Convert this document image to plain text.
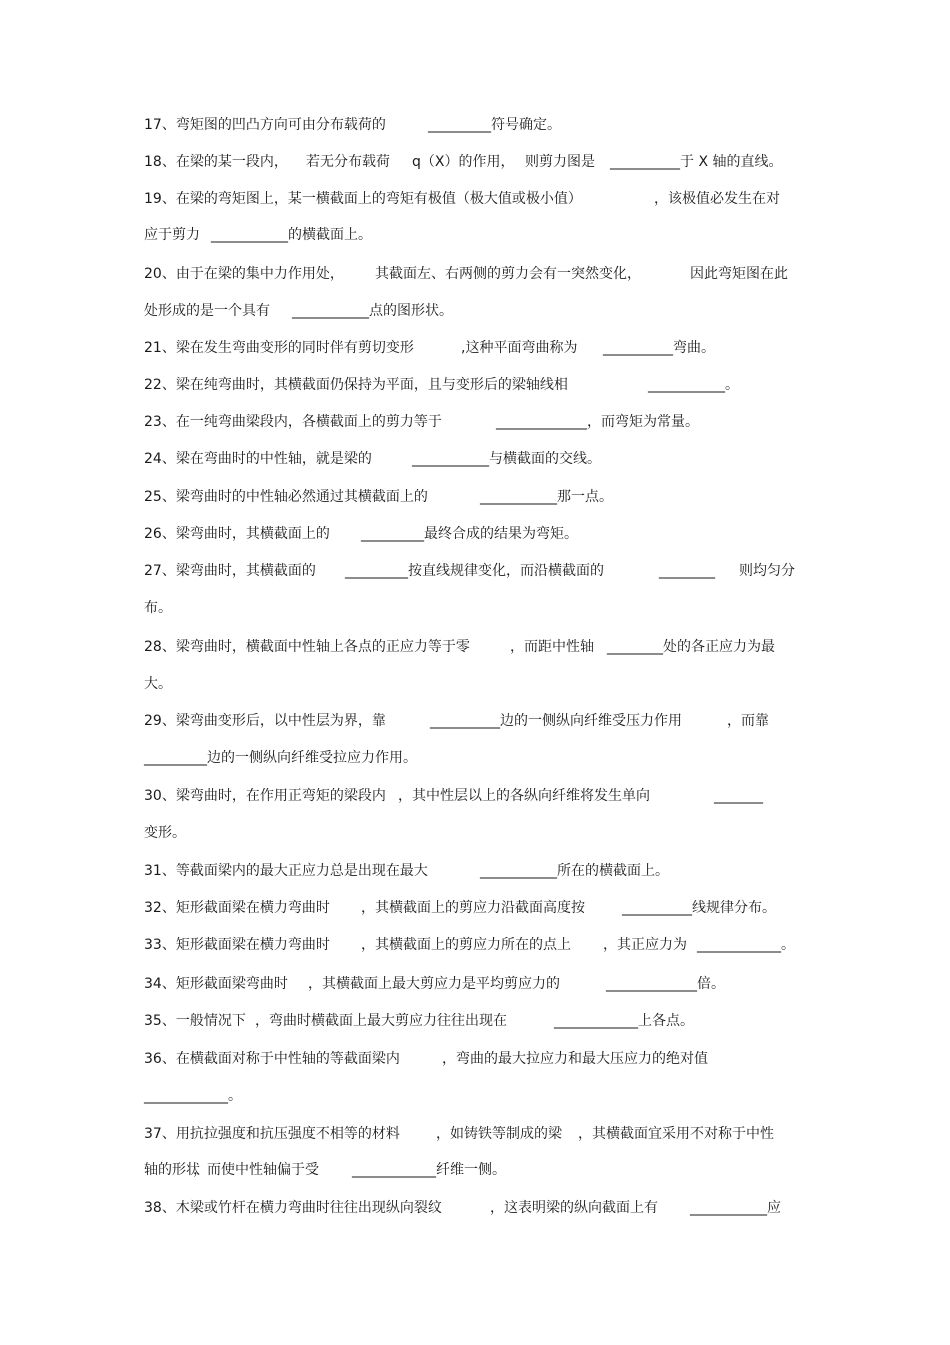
17、弯矩图的凹凸方向可由分布载荷的	_________符号确定。
18、在梁的某一段内， 若无分布载荷 q（X）的作用， 则剪力图是 __________于 X 轴的直线。
19、在梁的弯矩图上，某一横截面上的弯矩有极值（极大值或极小值）	，该极值必发生在对
应于剪力 ___________的横截面上。
20、由于在梁的集中力作用处， 其截面左、右两侧的剪力会有一突然变化，	因此弯矩图在此
处形成的是一个具有 ___________点的图形状。
21、梁在发生弯曲变形的同时伴有剪切变形	,这种平面弯曲称为 __________弯曲。
22、梁在纯弯曲时，其横截面仍保持为平面，且与变形后的梁轴线相	___________。
23、在一纯弯曲梁段内，各横截面上的剪力等于	_____________，而弯矩为常量。
24、梁在弯曲时的中性轴，就是梁的	___________与横截面的交线。
25、梁弯曲时的中性轴必然通过其横截面上的	___________那一点。
26、梁弯曲时，其横截面上的 _________最终合成的结果为弯矩。
27、梁弯曲时，其横截面的 _________按直线规律变化，而沿横截面的	________ 则均匀分
布。
28、梁弯曲时，横截面中性轴上各点的正应力等于零	，而距中性轴 ________处的各正应力为最
大。
29、梁弯曲变形后，以中性层为界，靠	__________边的一侧纵向纤维受压力作用	，而靠
_________边的一侧纵向纤维受拉应力作用。
30、梁弯曲时，在作用正弯矩的梁段内 ，其中性层以上的各纵向纤维将发生单向	_______
变形。
31、等截面梁内的最大正应力总是出现在最大	___________所在的横截面上。
32、矩形截面梁在横力弯曲时 ，其横截面上的剪应力沿截面高度按	__________线规律分布。
33、矩形截面梁在横力弯曲时 ，其横截面上的剪应力所在的点上 ，其正应力为 ____________。
34、矩形截面梁弯曲时 ，其横截面上最大剪应力是平均剪应力的	_____________倍。
35、一般情况下 ，弯曲时横截面上最大剪应力往往出现在	____________上各点。
36、在横截面对称于中性轴的等截面梁内	，弯曲的最大拉应力和最大压应力的绝对值
____________。
37、用抗拉强度和抗压强度不相等的材料	，如铸铁等制成的梁 ，其横截面宜采用不对称于中性
轴的形状
，而使中性轴偏于受 ____________纤维一侧。
38、木梁或竹杆在横力弯曲时往往出现纵向裂纹	，这表明梁的纵向截面上有 ___________应
